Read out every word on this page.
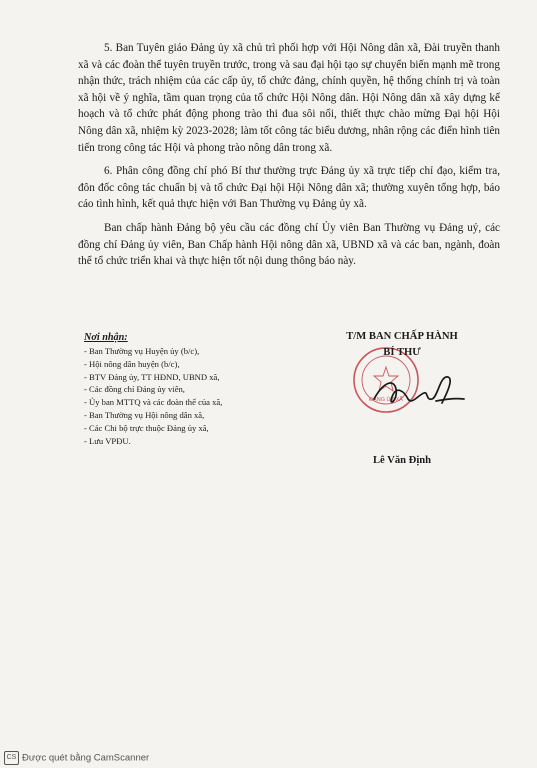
5. Ban Tuyên giáo Đảng ủy xã chủ trì phối hợp với Hội Nông dân xã, Đài truyền thanh xã và các đoàn thể tuyên truyền trước, trong và sau đại hội tạo sự chuyển biến mạnh mẽ trong nhận thức, trách nhiệm của các cấp ủy, tổ chức đảng, chính quyền, hệ thống chính trị và toàn xã hội về ý nghĩa, tầm quan trọng của tổ chức Hội Nông dân. Hội Nông dân xã xây dựng kế hoạch và tổ chức phát động phong trào thi đua sôi nổi, thiết thực chào mừng Đại hội Hội Nông dân xã, nhiệm kỳ 2023-2028; làm tốt công tác biểu dương, nhân rộng các điển hình tiên tiến trong công tác Hội và phong trào nông dân trong xã.

6. Phân công đồng chí phó Bí thư thường trực Đảng ủy xã trực tiếp chỉ đạo, kiểm tra, đôn đốc công tác chuẩn bị và tổ chức Đại hội Hội Nông dân xã; thường xuyên tổng hợp, báo cáo tình hình, kết quả thực hiện với Ban Thường vụ Đảng ủy xã.

Ban chấp hành Đảng bộ yêu cầu các đồng chí Ủy viên Ban Thường vụ Đảng uỷ, các đồng chí Đảng ủy viên, Ban Chấp hành Hội nông dân xã, UBND xã và các ban, ngành, đoàn thể tổ chức triển khai và thực hiện tốt nội dung thông báo này.

Nơi nhận:
- Ban Thường vụ Huyện ủy (b/c),
- Hội nông dân huyện (b/c),
- BTV Đảng ủy, TT HĐND, UBND xã,
- Các đồng chí Đảng ủy viên,
- Ủy ban MTTQ và các đoàn thể của xã,
- Ban Thường vụ Hội nông dân xã,
- Các Chi bộ trực thuộc Đảng ủy xã,
- Lưu VPĐU.
ĐẢNG ỦY XÃ
T/M BAN CHẤP HÀNH
BÍ THƯ
Lê Văn Định
CS Được quét bằng CamScanner
